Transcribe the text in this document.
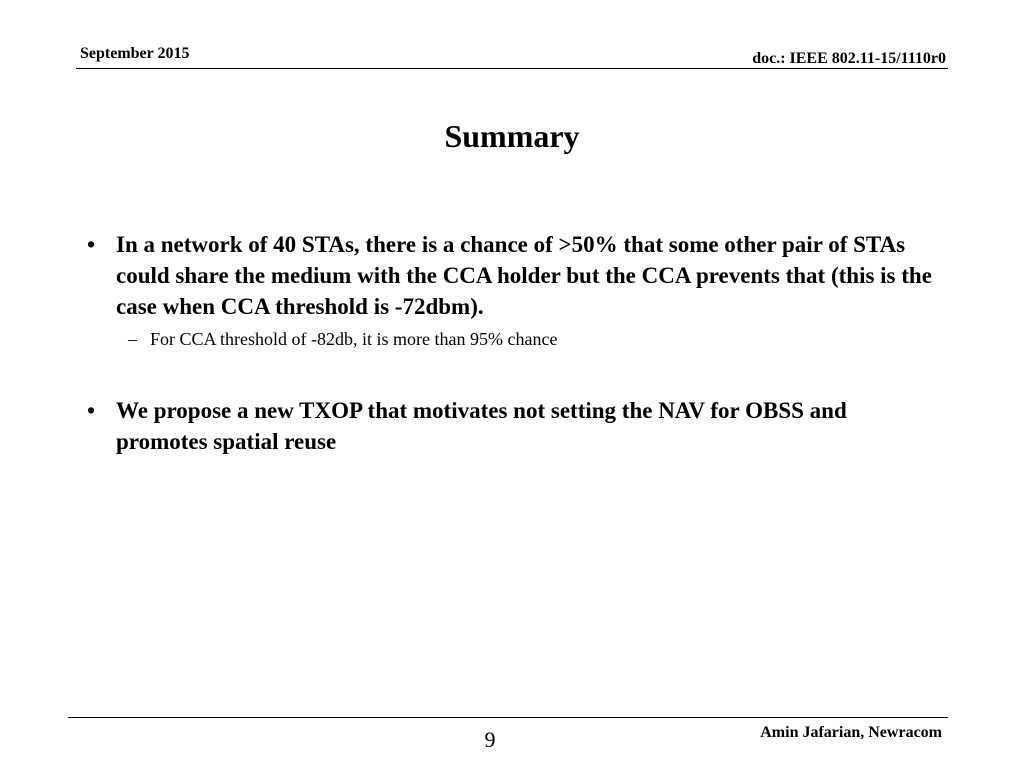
September 2015	doc.: IEEE 802.11-15/1110r0
Summary
• In a network of 40 STAs, there is a chance of >50% that some other pair of STAs could share the medium with the CCA holder but the CCA prevents that (this is the case when CCA threshold is -72dbm).
– For CCA threshold of -82db, it is more than 95% chance
• We propose a new TXOP that motivates not setting the NAV for OBSS and promotes spatial reuse
9	Amin Jafarian, Newracom
